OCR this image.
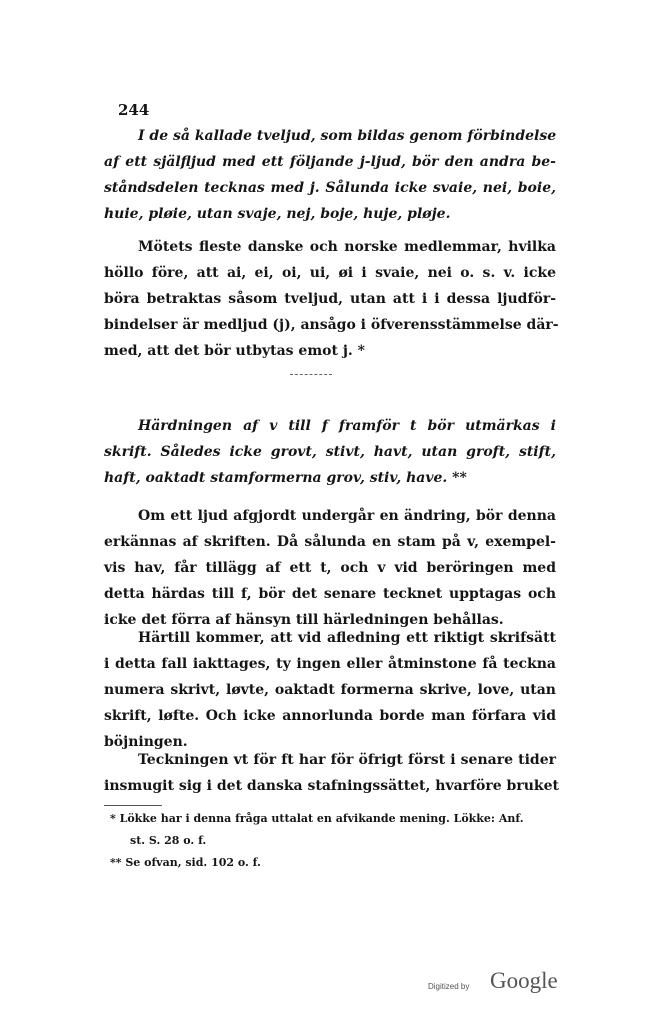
244
I de så kallade tveljud, som bildas genom förbindelse
af ett själfljud med ett följande j-ljud, bör den andra be-
ståndsdelen tecknas med j. Sålunda icke svaie, nei, boie,
huie, pløie, utan svaje, nej, boje, huje, pløje.
Mötets fleste danske och norske medlemmar, hvilka
höllo före, att ai, ei, oi, ui, øi i svaie, nei o. s. v. icke
böra betraktas såsom tveljud, utan att i i dessa ljudför-
bindelser är medljud (j), ansågo i öfverensstämmelse där-
med, att det bör utbytas emot j. *
Härdningen af v till f framför t bör utmärkas i
skrift. Således icke grovt, stivt, havt, utan groft, stift,
haft, oaktadt stamformerna grov, stiv, have. **
Om ett ljud afgjordt undergår en ändring, bör denna
erkännas af skriften. Då sålunda en stam på v, exempel-
vis hav, får tillägg af ett t, och v vid beröringen med
detta härdas till f, bör det senare tecknet upptagas och
icke det förra af hänsyn till härledningen behållas.
Härtill kommer, att vid afledning ett riktigt skrifsätt
i detta fall iakttages, ty ingen eller åtminstone få teckna
numera skrivt, løvte, oaktadt formerna skrive, love, utan
skrift, løfte. Och icke annorlunda borde man förfara vid
böjningen.
Teckningen vt för ft har för öfrigt först i senare tider
insmugit sig i det danska stafningssättet, hvarföre bruket
* Lökke har i denna fråga uttalat en afvikande mening. Lökke: Anf.
st. S. 28 o. f.
** Se ofvan, sid. 102 o. f.
Digitized by Google
